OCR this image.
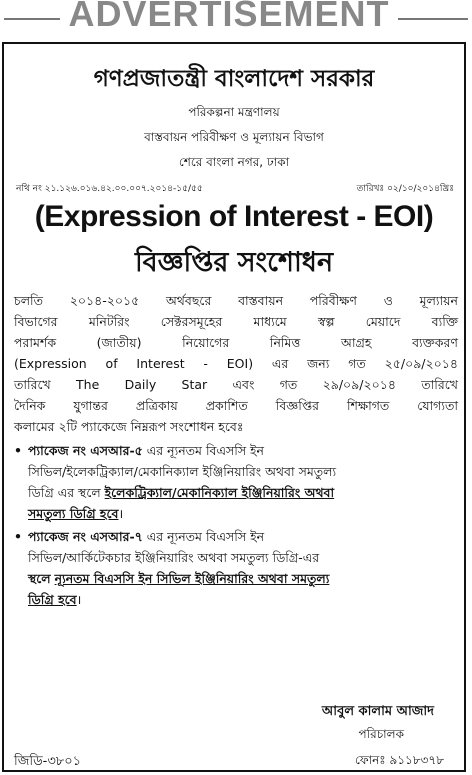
ADVERTISEMENT
গণপ্রজাতন্ত্রী বাংলাদেশ সরকার
পরিকল্পনা মন্ত্রণালয়
বাস্তবায়ন পরিবীক্ষণ ও মূল্যায়ন বিভাগ
শেরে বাংলা নগর, ঢাকা
নথি নং ২১.১২৬.০১৬.৪২.০০.০০৭.২০১৪-১৫/৫৫	তারিখঃ ০২/১০/২০১৪খ্রিঃ
(Expression of Interest - EOI)
বিজ্ঞপ্তির সংশোধন
চলতি ২০১৪-২০১৫ অর্থবছরে বাস্তবায়ন পরিবীক্ষণ ও মূল্যায়ন
বিভাগের মনিটরিং সেক্টরসমূহের মাধ্যমে স্বল্প মেয়াদে ব্যক্তি
পরামর্শক (জাতীয়) নিয়োগের নিমিত্ত আগ্রহ ব্যক্তকরণ
(Expression of Interest - EOI) এর জন্য গত ২৫/০৯/২০১৪
তারিখে The Daily Star এবং গত ২৯/০৯/২০১৪ তারিখে
দৈনিক যুগান্তর প্রত্রিকায় প্রকাশিত বিজ্ঞপ্তির শিক্ষাগত যোগ্যতা
কলামের ২টি প্যাকেজে নিম্নরূপ সংশোধন হবেঃ
• প্যাকেজ নং এসআর-৫ এর ন্যূনতম বিএসসি ইন
সিভিল/ইলেকট্রিক্যাল/মেকানিক্যাল ইঞ্জিনিয়ারিং অথবা সমতুল্য
ডিগ্রি এর স্থলে ইলেকট্রিক্যাল/মেকানিক্যাল ইঞ্জিনিয়ারিং অথবা
সমতুল্য ডিগ্রি হবে।
• প্যাকেজ নং এসআর-৭ এর ন্যূনতম বিএসসি ইন
সিভিল/আর্কিটেকচার ইঞ্জিনিয়ারিং অথবা সমতুল্য ডিগ্রি-এর
স্থলে ন্যূনতম বিএসসি ইন সিভিল ইঞ্জিনিয়ারিং অথবা সমতুল্য
ডিগ্রি হবে।
আবুল কালাম আজাদ
পরিচালক
জিডি-৩৮০১	ফোনঃ ৯১১৮৩৭৮
